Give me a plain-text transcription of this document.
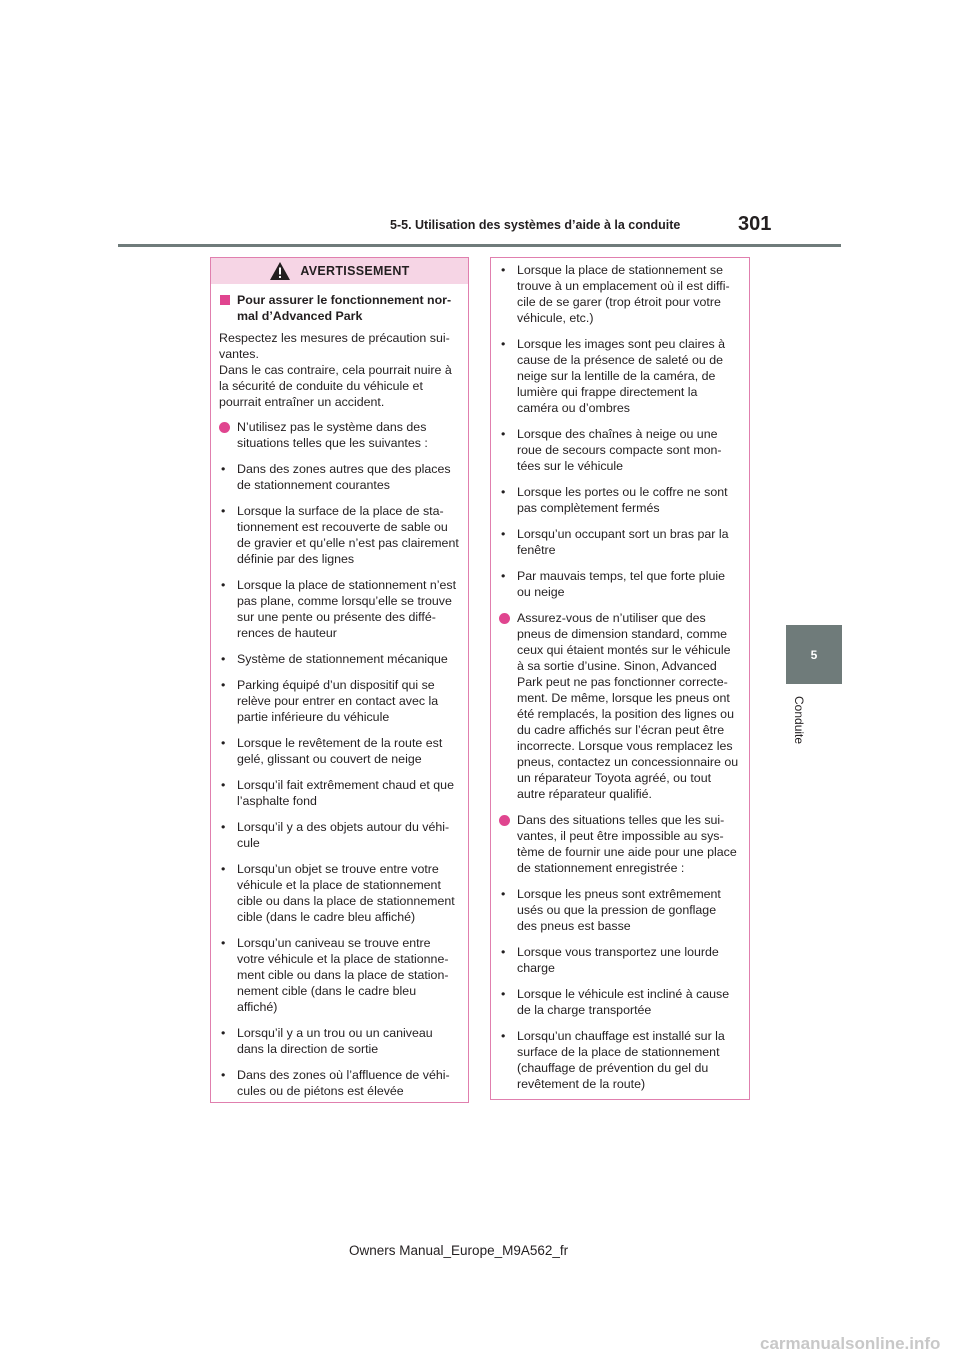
5-5. Utilisation des systèmes d’aide à la conduite	301
5
Conduite
AVERTISSEMENT
Pour assurer le fonctionnement nor-
mal d’Advanced Park
Respectez les mesures de précaution sui-
vantes.
Dans le cas contraire, cela pourrait nuire à
la sécurité de conduite du véhicule et
pourrait entraîner un accident.
N’utilisez pas le système dans des
situations telles que les suivantes :
• Dans des zones autres que des places
de stationnement courantes
• Lorsque la surface de la place de sta-
tionnement est recouverte de sable ou
de gravier et qu’elle n’est pas clairement
définie par des lignes
• Lorsque la place de stationnement n’est
pas plane, comme lorsqu’elle se trouve
sur une pente ou présente des diffé-
rences de hauteur
• Système de stationnement mécanique
• Parking équipé d’un dispositif qui se
relève pour entrer en contact avec la
partie inférieure du véhicule
• Lorsque le revêtement de la route est
gelé, glissant ou couvert de neige
• Lorsqu’il fait extrêmement chaud et que
l’asphalte fond
• Lorsqu’il y a des objets autour du véhi-
cule
• Lorsqu’un objet se trouve entre votre
véhicule et la place de stationnement
cible ou dans la place de stationnement
cible (dans le cadre bleu affiché)
• Lorsqu’un caniveau se trouve entre
votre véhicule et la place de stationne-
ment cible ou dans la place de station-
nement cible (dans le cadre bleu
affiché)
• Lorsqu’il y a un trou ou un caniveau
dans la direction de sortie
• Dans des zones où l’affluence de véhi-
cules ou de piétons est élevée
• Lorsque la place de stationnement se
trouve à un emplacement où il est diffi-
cile de se garer (trop étroit pour votre
véhicule, etc.)
• Lorsque les images sont peu claires à
cause de la présence de saleté ou de
neige sur la lentille de la caméra, de
lumière qui frappe directement la
caméra ou d’ombres
• Lorsque des chaînes à neige ou une
roue de secours compacte sont mon-
tées sur le véhicule
• Lorsque les portes ou le coffre ne sont
pas complètement fermés
• Lorsqu’un occupant sort un bras par la
fenêtre
• Par mauvais temps, tel que forte pluie
ou neige
Assurez-vous de n’utiliser que des
pneus de dimension standard, comme
ceux qui étaient montés sur le véhicule
à sa sortie d’usine. Sinon, Advanced
Park peut ne pas fonctionner correcte-
ment. De même, lorsque les pneus ont
été remplacés, la position des lignes ou
du cadre affichés sur l’écran peut être
incorrecte. Lorsque vous remplacez les
pneus, contactez un concessionnaire ou
un réparateur Toyota agréé, ou tout
autre réparateur qualifié.
Dans des situations telles que les sui-
vantes, il peut être impossible au sys-
tème de fournir une aide pour une place
de stationnement enregistrée :
• Lorsque les pneus sont extrêmement
usés ou que la pression de gonflage
des pneus est basse
• Lorsque vous transportez une lourde
charge
• Lorsque le véhicule est incliné à cause
de la charge transportée
• Lorsqu’un chauffage est installé sur la
surface de la place de stationnement
(chauffage de prévention du gel du
revêtement de la route)
Owners Manual_Europe_M9A562_fr
carmanualsonline.info
